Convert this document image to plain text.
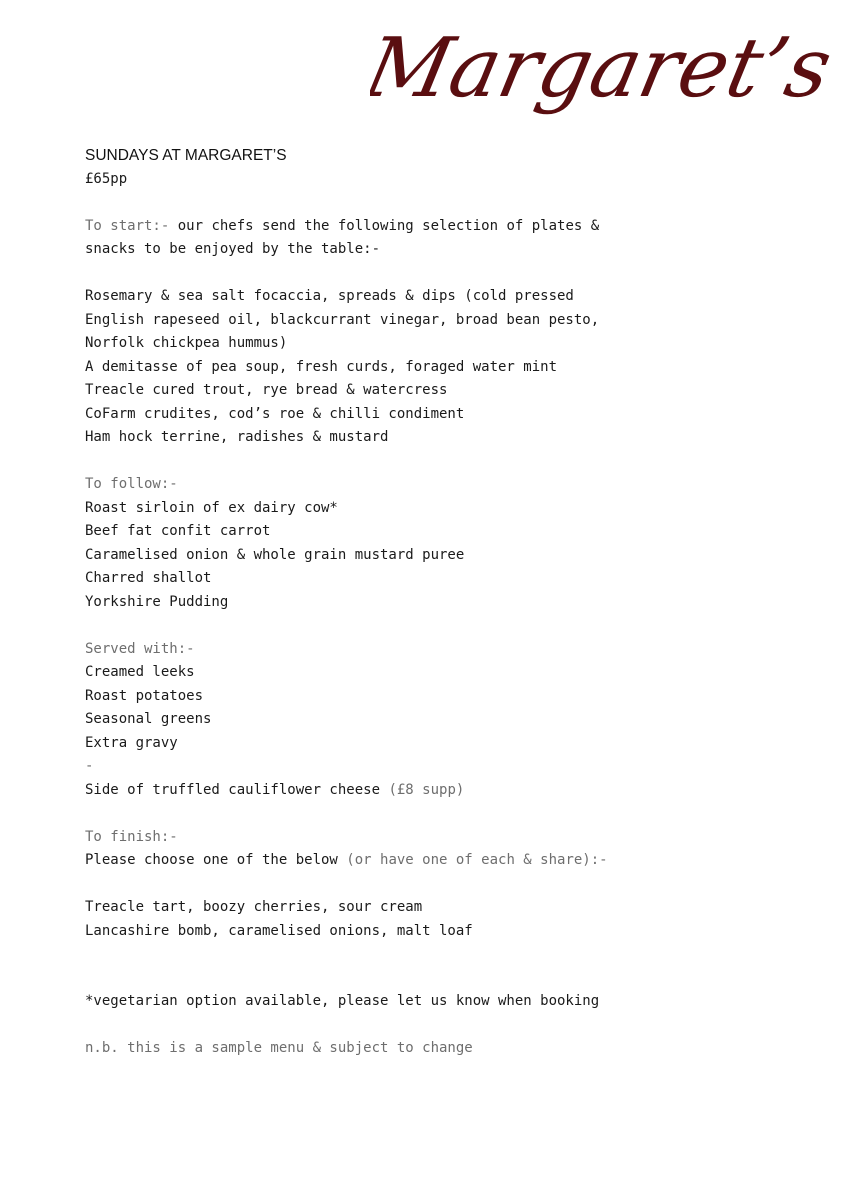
Margaret’s

SUNDAYS AT MARGARET’S

£65pp

To start:- our chefs send the following selection of plates &

snacks to be enjoyed by the table:-

Rosemary & sea salt focaccia, spreads & dips (cold pressed

English rapeseed oil, blackcurrant vinegar, broad bean pesto,

Norfolk chickpea hummus)

A demitasse of pea soup, fresh curds, foraged water mint

Treacle cured trout, rye bread & watercress

CoFarm crudites, cod’s roe & chilli condiment

Ham hock terrine, radishes & mustard

To follow:-

Roast sirloin of ex dairy cow*

Beef fat confit carrot

Caramelised onion & whole grain mustard puree

Charred shallot

Yorkshire Pudding

Served with:-

Creamed leeks

Roast potatoes

Seasonal greens

Extra gravy

-

Side of truffled cauliflower cheese (£8 supp)

To finish:-

Please choose one of the below (or have one of each & share):-

Treacle tart, boozy cherries, sour cream

Lancashire bomb, caramelised onions, malt loaf

*vegetarian option available, please let us know when booking

n.b. this is a sample menu & subject to change
